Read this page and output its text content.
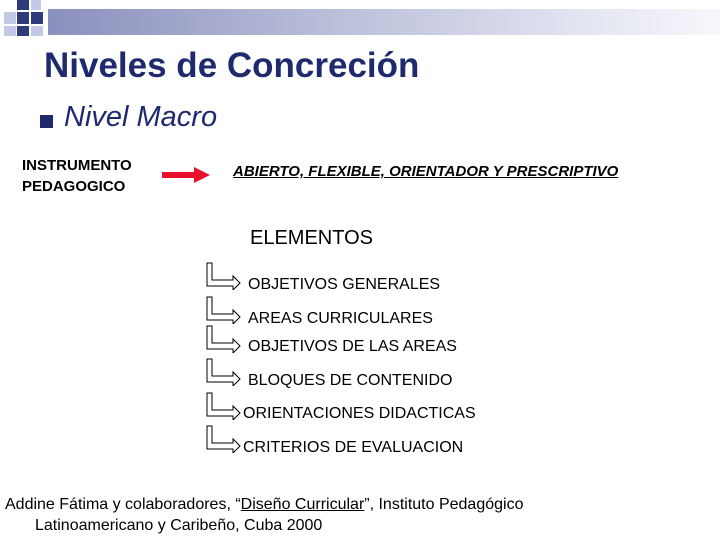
Niveles de Concreción
Nivel Macro
INSTRUMENTO
PEDAGOGICO
ABIERTO, FLEXIBLE, ORIENTADOR Y PRESCRIPTIVO
ELEMENTOS
OBJETIVOS GENERALES
AREAS CURRICULARES
OBJETIVOS DE LAS AREAS
BLOQUES DE CONTENIDO
ORIENTACIONES DIDACTICAS
CRITERIOS DE EVALUACION
Addine Fátima y colaboradores, “Diseño Curricular”, Instituto Pedagógico
Latinoamericano y Caribeño, Cuba 2000
